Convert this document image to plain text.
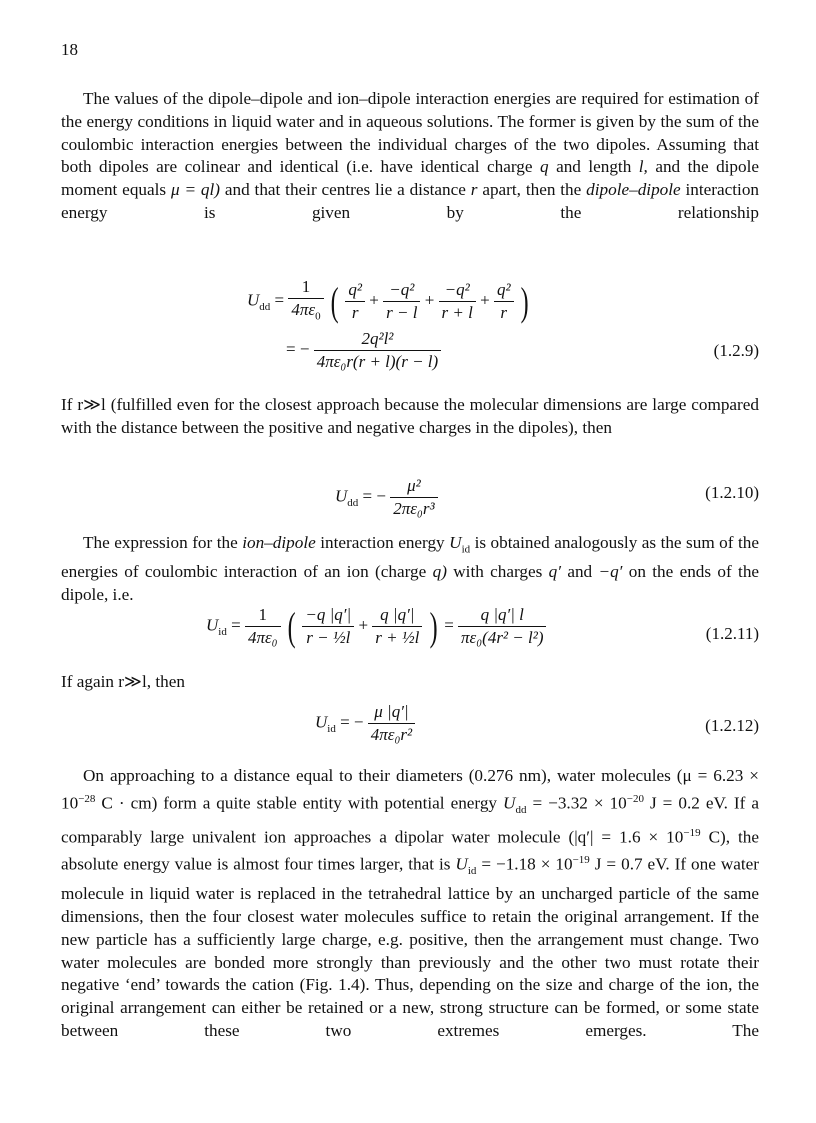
18
The values of the dipole–dipole and ion–dipole interaction energies are required for estimation of the energy conditions in liquid water and in aqueous solutions. The former is given by the sum of the coulombic interaction energies between the individual charges of the two dipoles. Assuming that both dipoles are colinear and identical (i.e. have identical charge q and length l, and the dipole moment equals μ = ql) and that their centres lie a distance r apart, then the dipole–dipole interaction energy is given by the relationship
$U_{dd} = \frac{1}{4\pi\varepsilon_0}$ ( $\frac{\text{q²}}{r} + \frac{\text{−q²}}{r - l} + \frac{\text{−q²}}{r + l} + \frac{\text{q²}}{r}$ )
= − $\frac{\text{2q²l²}}{\text{4πε₀r(r + l)(r − l)}}$	(1.2.9)
If r≫l (fulfilled even for the closest approach because the molecular dimensions are large compared with the distance between the positive and negative charges in the dipoles), then
$U_{dd}$ = − $\frac{\text{μ²}}{\text{2πε₀r³}}$	(1.2.10)
The expression for the ion–dipole interaction energy $U_{id}$ is obtained analogously as the sum of the energies of coulombic interaction of an ion (charge q) with charges q′ and −q′ on the ends of the dipole, i.e.
$U_{id} = \frac{1}{\text{4πε₀}}$ ( $\frac{-q |q'|}{\text{r − ½l}} + \frac{q |q'|}{\text{r + ½l}}$ ) = $\frac{q |q'| l}{\text{πε₀(4r² − l²)}}$	(1.2.11)
If again r≫l, then
$U_{id}$ = − $\frac{\mu |q'|}{\text{4πε₀r²}}$	(1.2.12)
On approaching to a distance equal to their diameters (0.276 nm), water molecules ($\mu = 6.23 \times 10^{-28}$ C · cm) form a quite stable entity with potential energy $U_{dd} = -3.32 \times 10^{-20}$ J = 0.2 eV. If a comparably large univalent ion approaches a dipolar water molecule ($|q'| = 1.6 \times 10^{-19}$ C), the absolute energy value is almost four times larger, that is $U_{id} = -1.18 \times 10^{-19}$ J = 0.7 eV. If one water molecule in liquid water is replaced in the tetrahedral lattice by an uncharged particle of the same dimensions, then the four closest water molecules suffice to retain the original arrangement. If the new particle has a sufficiently large charge, e.g. positive, then the arrangement must change. Two water molecules are bonded more strongly than previously and the other two must rotate their negative ‘end’ towards the cation (Fig. 1.4). Thus, depending on the size and charge of the ion, the original arrangement can either be retained or a new, strong structure can be formed, or some state between these two extremes emerges. The
